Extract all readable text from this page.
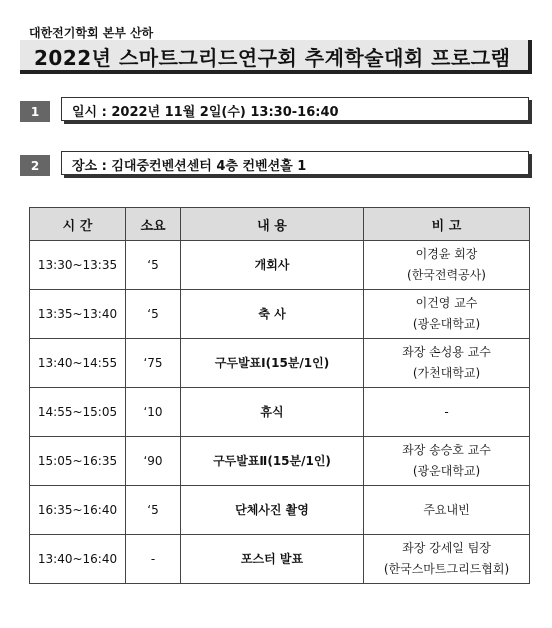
대한전기학회 본부 산하
2022년 스마트그리드연구회 추계학술대회 프로그램
1	일시 : 2022년 11월 2일(수) 13:30-16:40
2	장소 : 김대중컨벤션센터 4층 컨벤션홀 1
시 간	소요	내 용	비 고
13:30~13:35	‘5	개회사	이경윤 회장
(한국전력공사)

13:35~13:40	‘5	축 사	이건영 교수
(광운대학교)

13:40~14:55	‘75	구두발표Ⅰ(15분/1인)	좌장 손성용 교수
(가천대학교)

14:55~15:05	‘10	휴식	-

15:05~16:35	‘90	구두발표Ⅱ(15분/1인)	좌장 송승호 교수
(광운대학교)

16:35~16:40	‘5	단체사진 촬영	주요내빈

13:40~16:40	-	포스터 발표	좌장 강세일 팀장
(한국스마트그리드협회)
